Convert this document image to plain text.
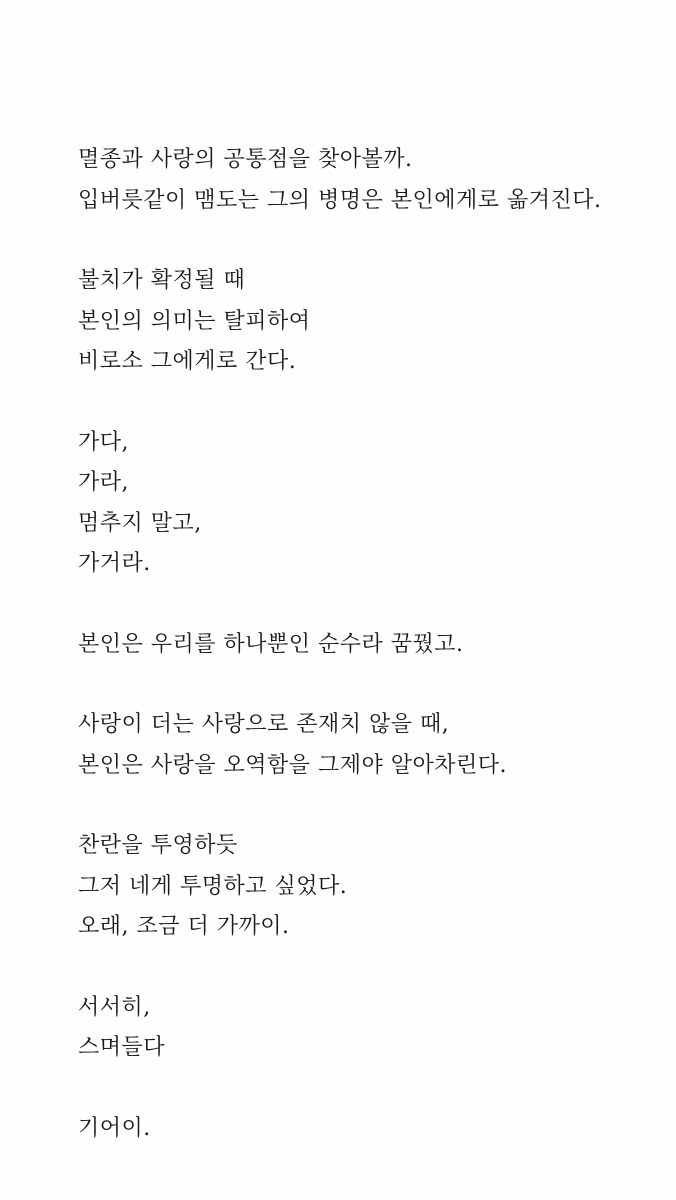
멸종과 사랑의 공통점을 찾아볼까.
입버릇같이 맴도는 그의 병명은 본인에게로 옮겨진다.
불치가 확정될 때
본인의 의미는 탈피하여
비로소 그에게로 간다.
가다,
가라,
멈추지 말고,
가거라.
본인은 우리를 하나뿐인 순수라 꿈꿨고.
사랑이 더는 사랑으로 존재치 않을 때,
본인은 사랑을 오역함을 그제야 알아차린다.
찬란을 투영하듯
그저 네게 투명하고 싶었다.
오래, 조금 더 가까이.
서서히,
스며들다
기어이.
